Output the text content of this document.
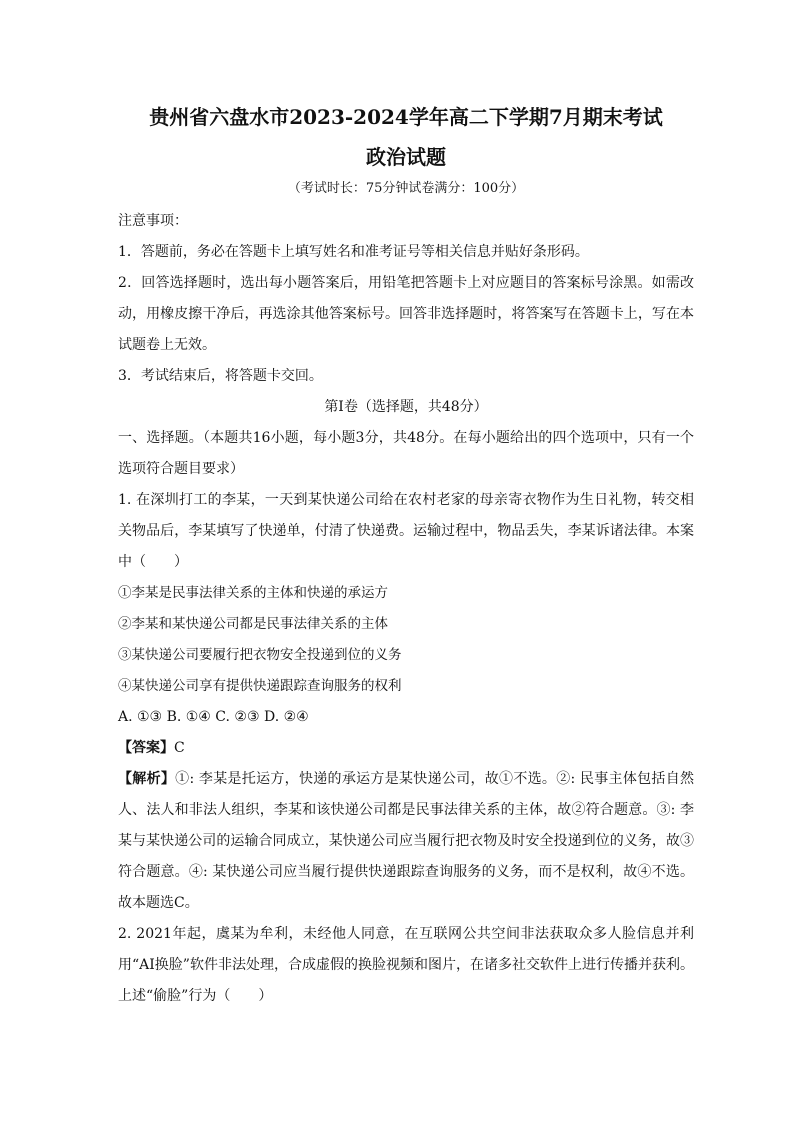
贵州省六盘水市2023-2024学年高二下学期7月期末考试
政治试题
（考试时长：75分钟试卷满分：100分）

注意事项：

1．答题前，务必在答题卡上填写姓名和准考证号等相关信息并贴好条形码。

2．回答选择题时，选出每小题答案后，用铅笔把答题卡上对应题目的答案标号涂黑。如需改动，用橡皮擦干净后，再选涂其他答案标号。回答非选择题时，将答案写在答题卡上，写在本试题卷上无效。

3．考试结束后，将答题卡交回。

第Ⅰ卷（选择题，共48分）

一、选择题。（本题共16小题，每小题3分，共48分。在每小题给出的四个选项中，只有一个选项符合题目要求）

1. 在深圳打工的李某，一天到某快递公司给在农村老家的母亲寄衣物作为生日礼物，转交相关物品后，李某填写了快递单，付清了快递费。运输过程中，物品丢失，李某诉诸法律。本案中（　　）

①李某是民事法律关系的主体和快递的承运方

②李某和某快递公司都是民事法律关系的主体

③某快递公司要履行把衣物安全投递到位的义务

④某快递公司享有提供快递跟踪查询服务的权利

A. ①③ B. ①④ C. ②③ D. ②④

【答案】C

【解析】①: 李某是托运方，快递的承运方是某快递公司，故①不选。②: 民事主体包括自然人、法人和非法人组织，李某和该快递公司都是民事法律关系的主体，故②符合题意。③: 李某与某快递公司的运输合同成立，某快递公司应当履行把衣物及时安全投递到位的义务，故③符合题意。④: 某快递公司应当履行提供快递跟踪查询服务的义务，而不是权利，故④不选。故本题选C。

2. 2021年起，虞某为牟利，未经他人同意，在互联网公共空间非法获取众多人脸信息并利用“AI换脸”软件非法处理，合成虚假的换脸视频和图片，在诸多社交软件上进行传播并获利。上述“偷脸”行为（　　）
